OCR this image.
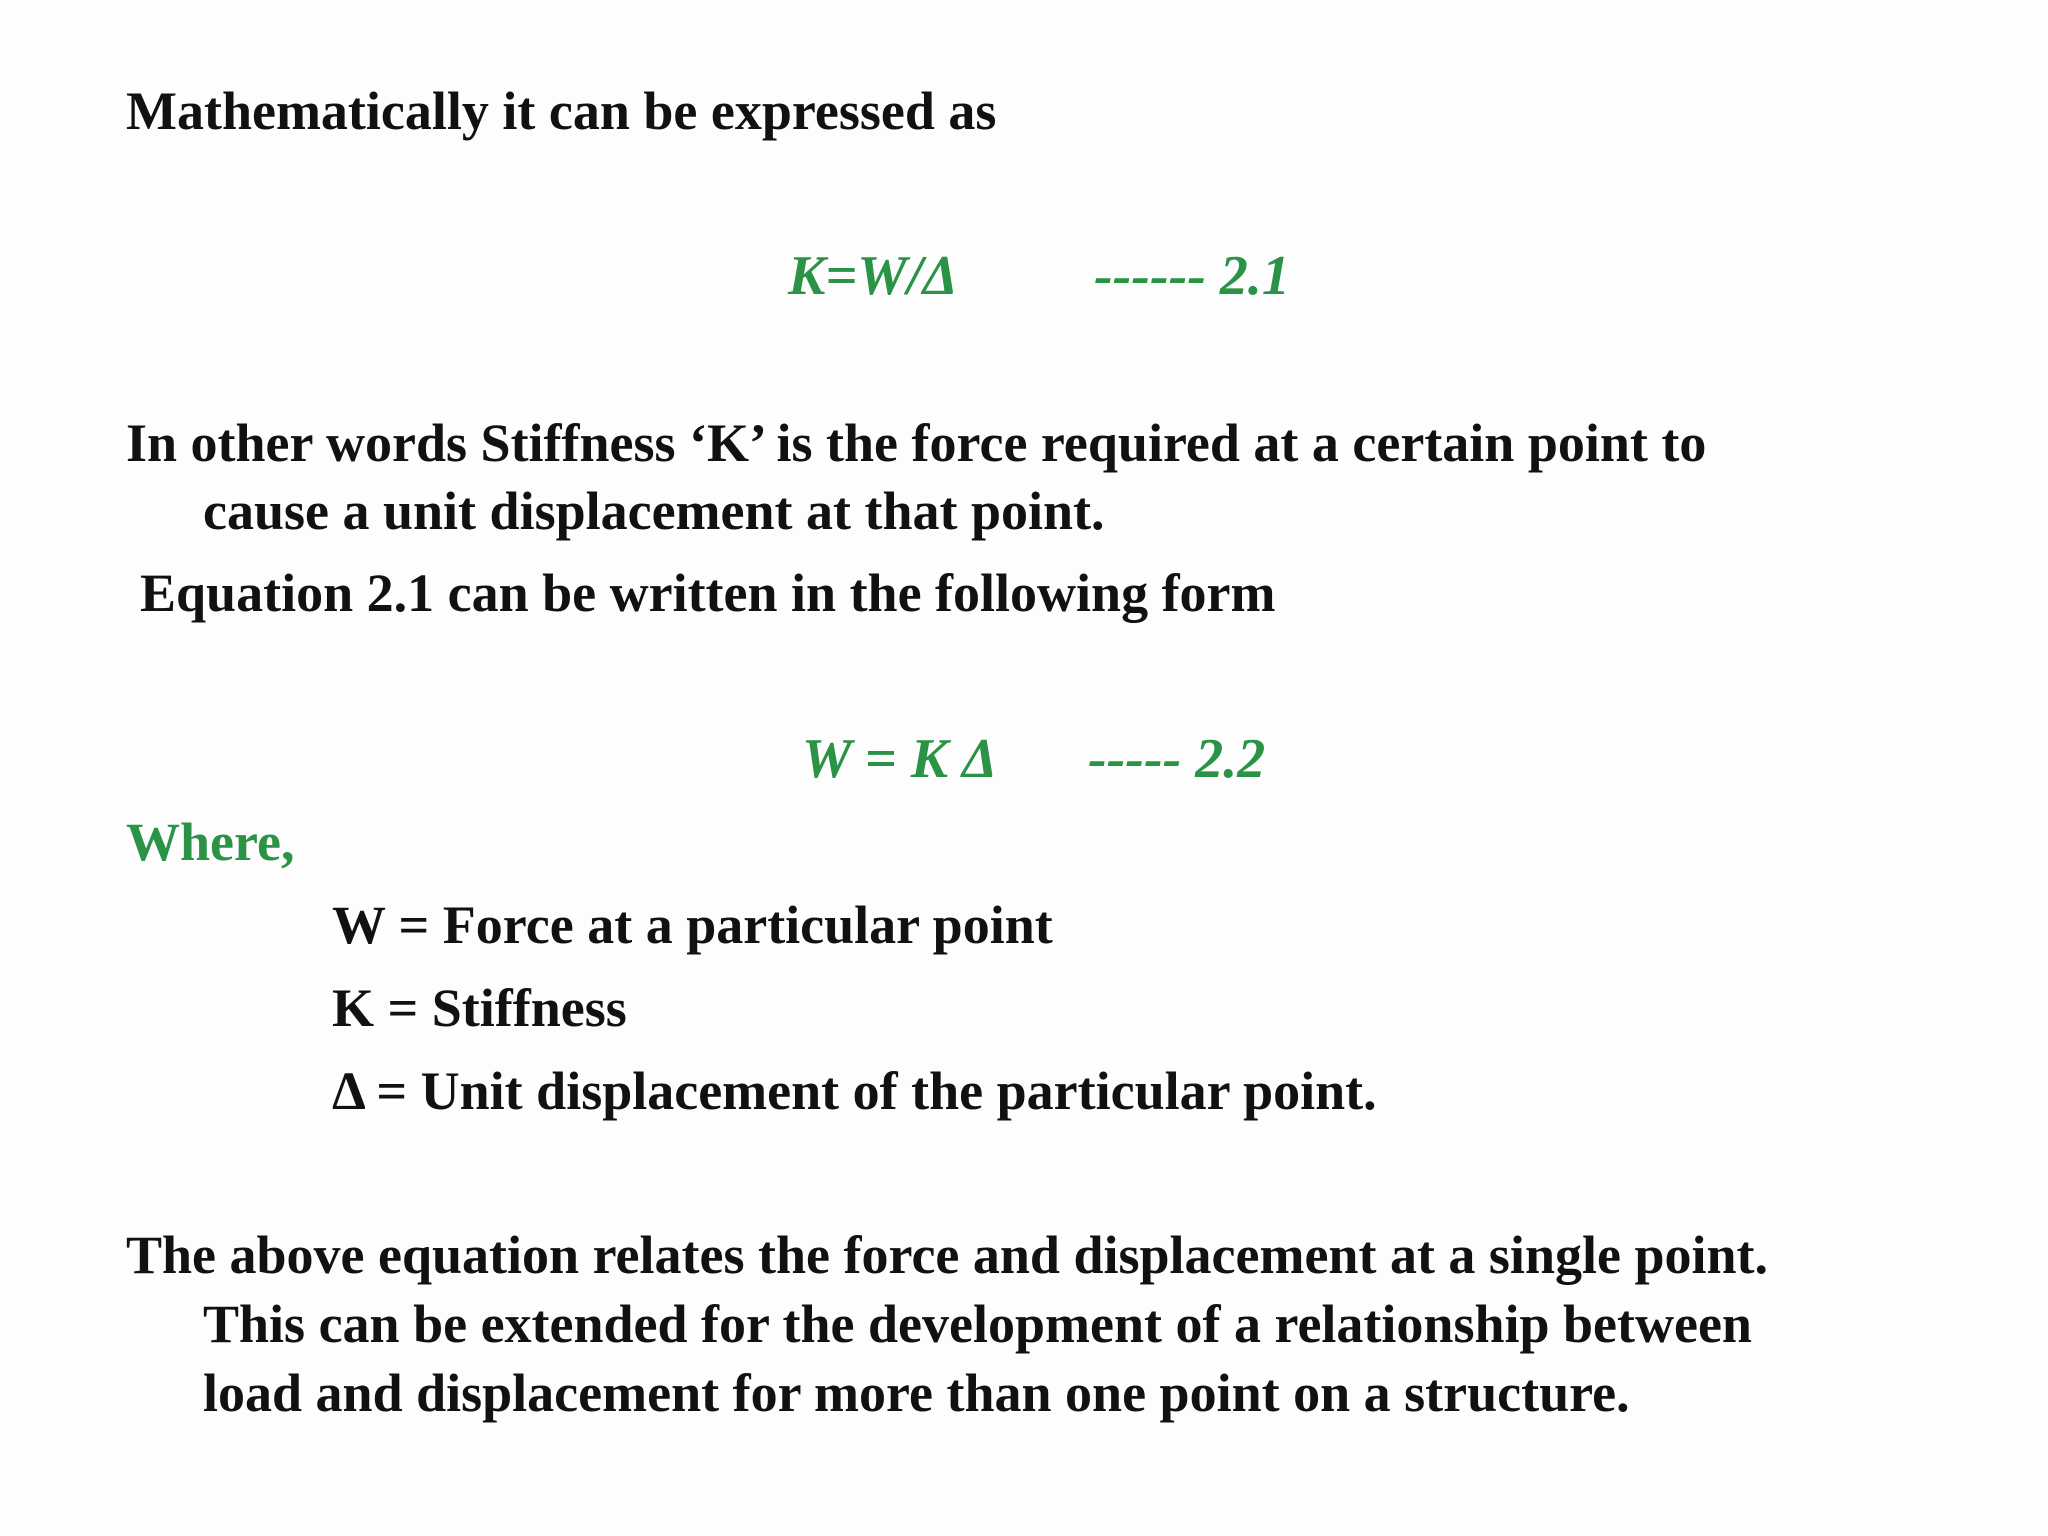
Mathematically it can be expressed as
K=W/Δ ------ 2.1
In other words Stiffness ‘K’ is the force required at a certain point to
cause a unit displacement at that point.
Equation 2.1 can be written in the following form
W = K Δ ----- 2.2
Where,
W = Force at a particular point
K = Stiffness
Δ = Unit displacement of the particular point.
The above equation relates the force and displacement at a single point.
This can be extended for the development of a relationship between
load and displacement for more than one point on a structure.
